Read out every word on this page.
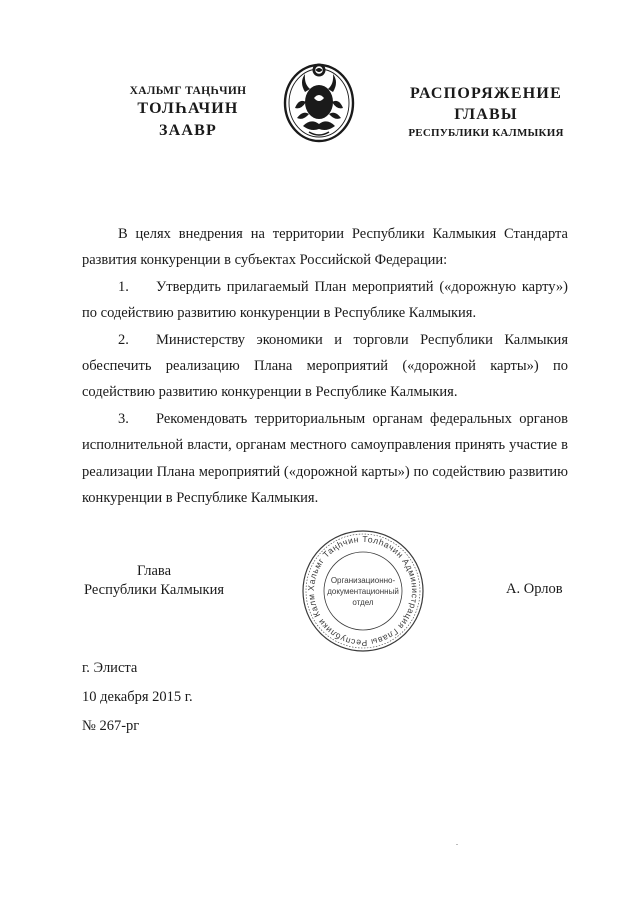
ХАЛЬМГ ТАҢҺЧИН
ТОЛҺАЧИН
ЗААВР
РАСПОРЯЖЕНИЕ
ГЛАВЫ
РЕСПУБЛИКИ КАЛМЫКИЯ

В целях внедрения на территории Республики Калмыкия Стандарта развития конкуренции в субъектах Российской Федерации:

1. Утвердить прилагаемый План мероприятий («дорожную карту») по содействию развитию конкуренции в Республике Калмыкия.

2. Министерству экономики и торговли Республики Калмыкия обеспечить реализацию Плана мероприятий («дорожной карты») по содействию развитию конкуренции в Республике Калмыкия.

3. Рекомендовать территориальным органам федеральных органов исполнительной власти, органам местного самоуправления принять участие в реализации Плана мероприятий («дорожной карты») по содействию развитию конкуренции в Республике Калмыкия.

Глава
Республики Калмыкия	Хальмг Таңһчин Толһачин Администрация Главы Республики Калм
Организационно-
документационный
отдел
А. Орлов
г. Элиста
10 декабря 2015 г.
№ 267-рг
